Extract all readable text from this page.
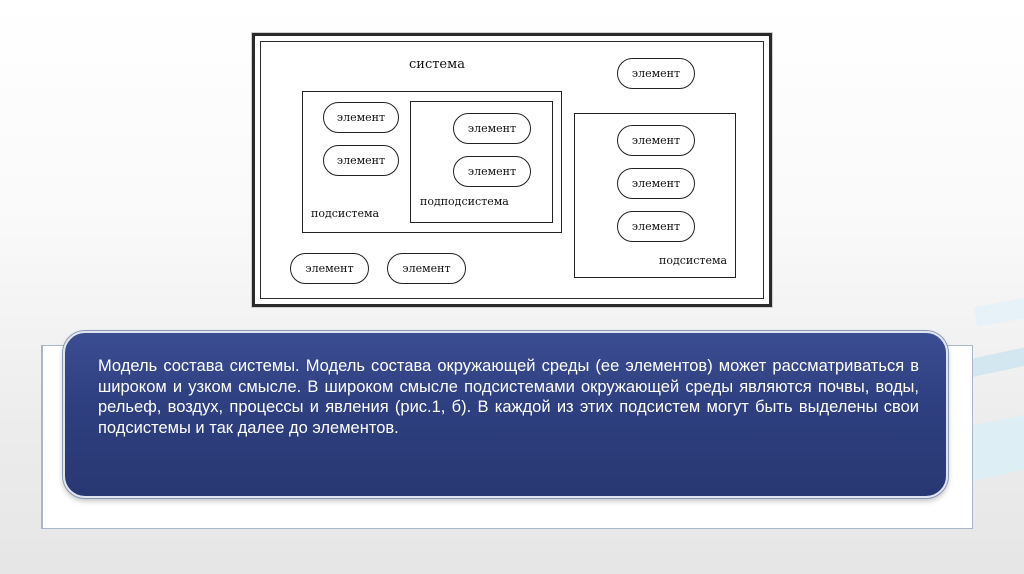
система
элемент
элемент
элемент
подсистема
элемент
элемент
подподсистема
элемент
элемент
элемент
подсистема
элемент	элемент

Модель состава системы. Модель состава окружающей среды (ее элементов) может рассматриваться в широком и узком смысле. В широком смысле подсистемами окружающей среды являются почвы, воды, рельеф, воздух, процессы и явления (рис.1, б). В каждой из этих подсистем могут быть выделены свои подсистемы и так далее до элементов.
